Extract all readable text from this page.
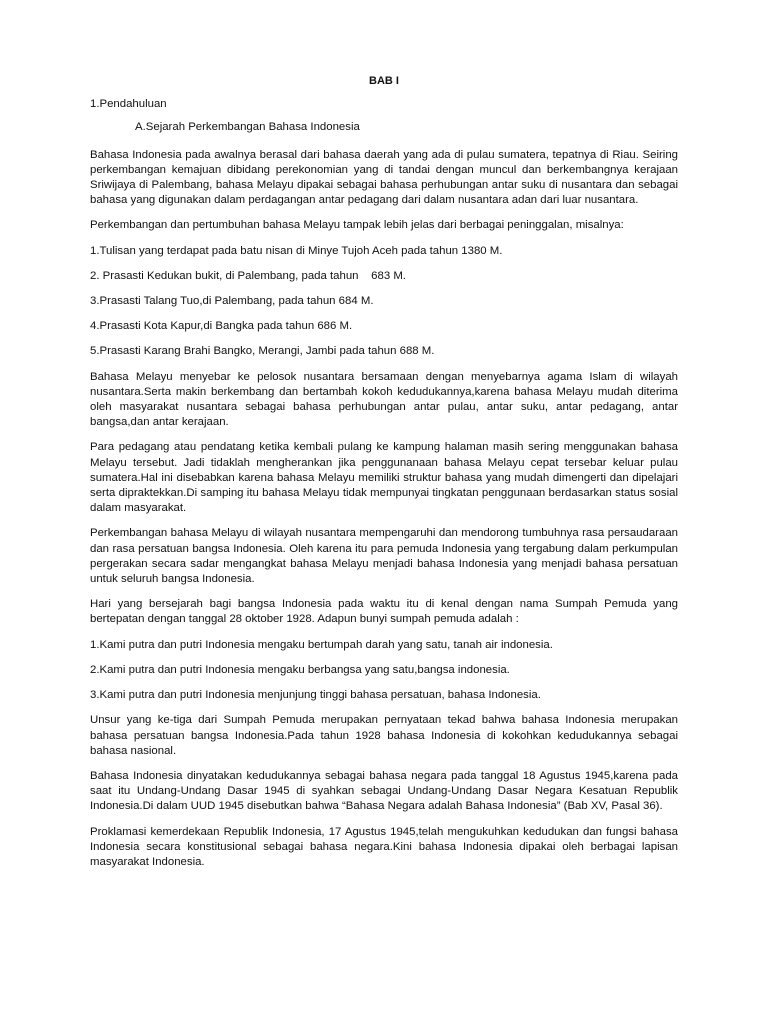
BAB I
1.Pendahuluan
A.Sejarah Perkembangan Bahasa Indonesia

Bahasa Indonesia pada awalnya berasal dari bahasa daerah yang ada di pulau sumatera, tepatnya di Riau. Seiring perkembangan kemajuan dibidang perekonomian yang di tandai dengan muncul dan berkembangnya kerajaan Sriwijaya di Palembang, bahasa Melayu dipakai sebagai bahasa perhubungan antar suku di nusantara dan sebagai bahasa yang digunakan dalam perdagangan antar pedagang dari dalam nusantara adan dari luar nusantara.

Perkembangan dan pertumbuhan bahasa Melayu tampak lebih jelas dari berbagai peninggalan, misalnya:

1.Tulisan yang terdapat pada batu nisan di Minye Tujoh Aceh pada tahun 1380 M.

2. Prasasti Kedukan bukit, di Palembang, pada tahun    683 M.

3.Prasasti Talang Tuo,di Palembang, pada tahun 684 M.

4.Prasasti Kota Kapur,di Bangka pada tahun 686 M.

5.Prasasti Karang Brahi Bangko, Merangi, Jambi pada tahun 688 M.

Bahasa Melayu menyebar ke pelosok nusantara bersamaan dengan menyebarnya agama Islam di wilayah nusantara.Serta makin berkembang dan bertambah kokoh kedudukannya,karena bahasa Melayu mudah diterima oleh masyarakat nusantara sebagai bahasa perhubungan antar pulau, antar suku, antar pedagang, antar bangsa,dan antar kerajaan.

Para pedagang atau pendatang ketika kembali pulang ke kampung halaman masih sering menggunakan bahasa Melayu tersebut. Jadi tidaklah mengherankan jika penggunanaan bahasa Melayu cepat tersebar keluar pulau sumatera.Hal ini disebabkan karena bahasa Melayu memiliki struktur bahasa yang mudah dimengerti dan dipelajari serta dipraktekkan.Di samping itu bahasa Melayu tidak mempunyai tingkatan penggunaan berdasarkan status sosial dalam masyarakat.

Perkembangan bahasa Melayu di wilayah nusantara mempengaruhi dan mendorong tumbuhnya rasa persaudaraan dan rasa persatuan bangsa Indonesia. Oleh karena itu para pemuda Indonesia yang tergabung dalam perkumpulan pergerakan secara sadar mengangkat bahasa Melayu menjadi bahasa Indonesia yang menjadi bahasa persatuan untuk seluruh bangsa Indonesia.

Hari yang bersejarah bagi bangsa Indonesia pada waktu itu di kenal dengan nama Sumpah Pemuda yang bertepatan dengan tanggal 28 oktober 1928. Adapun bunyi sumpah pemuda adalah :

1.Kami putra dan putri Indonesia mengaku bertumpah darah yang satu, tanah air indonesia.

2.Kami putra dan putri Indonesia mengaku berbangsa yang satu,bangsa indonesia.

3.Kami putra dan putri Indonesia menjunjung tinggi bahasa persatuan, bahasa Indonesia.

Unsur yang ke-tiga dari Sumpah Pemuda merupakan pernyataan tekad bahwa bahasa Indonesia merupakan bahasa persatuan bangsa Indonesia.Pada tahun 1928 bahasa Indonesia di kokohkan kedudukannya sebagai bahasa nasional.

Bahasa Indonesia dinyatakan kedudukannya sebagai bahasa negara pada tanggal 18 Agustus 1945,karena pada saat itu Undang-Undang Dasar 1945 di syahkan sebagai Undang-Undang Dasar Negara Kesatuan Republik Indonesia.Di dalam UUD 1945 disebutkan bahwa “Bahasa Negara adalah Bahasa Indonesia” (Bab XV, Pasal 36).

Proklamasi kemerdekaan Republik Indonesia, 17 Agustus 1945,telah mengukuhkan kedudukan dan fungsi bahasa Indonesia secara konstitusional sebagai bahasa negara.Kini bahasa Indonesia dipakai oleh berbagai lapisan masyarakat Indonesia.
